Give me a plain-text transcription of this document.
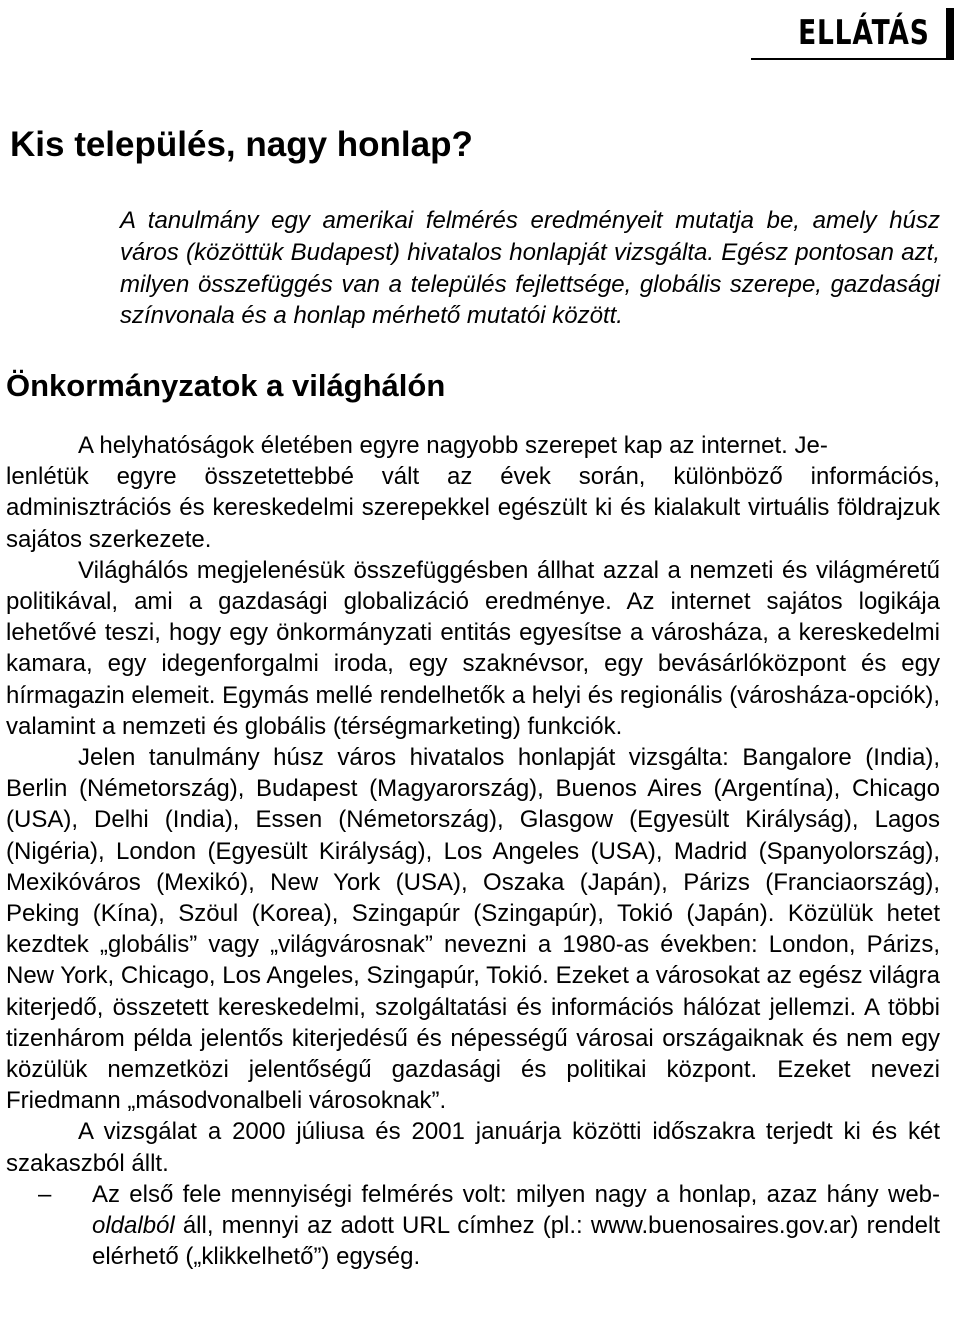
ELLÁTÁS
Kis település, nagy honlap?

A tanulmány egy amerikai felmérés eredményeit mutatja be, amely húsz város (közöttük Budapest) hivatalos honlapját vizsgálta. Egész pontosan azt, milyen összefüggés van a település fejlettsége, globális szerepe, gazdasági színvonala és a honlap mérhető mutatói között.

Önkormányzatok a világhálón

A helyhatóságok életében egyre nagyobb szerepet kap az internet. Je-

lenlétük egyre összetettebbé vált az évek során, különböző információs, adminisztrációs és kereskedelmi szerepekkel egészült ki és kialakult virtuális földrajzuk sajátos szerkezete.

Világhálós megjelenésük összefüggésben állhat azzal a nemzeti és világméretű politikával, ami a gazdasági globalizáció eredménye. Az internet sajátos logikája lehetővé teszi, hogy egy önkormányzati entitás egyesítse a városháza, a kereskedelmi kamara, egy idegenforgalmi iroda, egy szaknévsor, egy bevásárlóközpont és egy hírmagazin elemeit. Egymás mellé rendelhetők a helyi és regionális (városháza-opciók), valamint a nemzeti és globális (térségmarketing) funkciók.

Jelen tanulmány húsz város hivatalos honlapját vizsgálta: Bangalore (India), Berlin (Németország), Budapest (Magyarország), Buenos Aires (Argentína), Chicago (USA), Delhi (India), Essen (Németország), Glasgow (Egyesült Királyság), Lagos (Nigéria), London (Egyesült Királyság), Los Angeles (USA), Madrid (Spanyolország), Mexikóváros (Mexikó), New York (USA), Oszaka (Japán), Párizs (Franciaország), Peking (Kína), Szöul (Korea), Szingapúr (Szingapúr), Tokió (Japán). Közülük hetet kezdtek „globális” vagy „világvárosnak” nevezni a 1980-as években: London, Párizs, New York, Chicago, Los Angeles, Szingapúr, Tokió. Ezeket a városokat az egész világra kiterjedő, összetett kereskedelmi, szolgáltatási és információs hálózat jellemzi. A többi tizenhárom példa jelentős kiterjedésű és népességű városai országaiknak és nem egy közülük nemzetközi jelentőségű gazdasági és politikai központ. Ezeket nevezi Friedmann „másodvonalbeli városoknak”.

A vizsgálat a 2000 júliusa és 2001 januárja közötti időszakra terjedt ki és két szakaszból állt.

–	Az első fele mennyiségi felmérés volt: milyen nagy a honlap, azaz hány web-oldalból áll, mennyi az adott URL címhez (pl.: www.buenosaires.gov.ar) rendelt elérhető („klikkelhető”) egység.
